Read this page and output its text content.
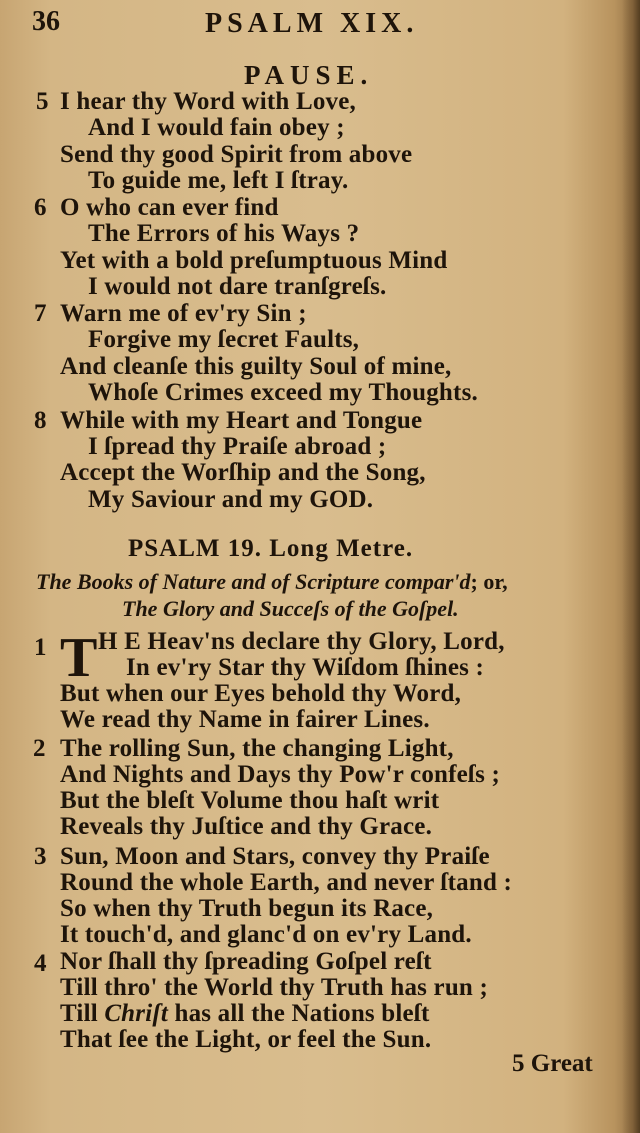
36	PSALM XIX.
PAUSE.
5 I hear thy Word with Love,
And I would fain obey ;
Send thy good Spirit from above
To guide me, left I ſtray.
6 O who can ever find
The Errors of his Ways ?
Yet with a bold preſumptuous Mind
I would not dare tranſgreſs.
7 Warn me of ev'ry Sin ;
Forgive my ſecret Faults,
And cleanſe this guilty Soul of mine,
Whoſe Crimes exceed my Thoughts.
8 While with my Heart and Tongue
I ſpread thy Praiſe abroad ;
Accept the Worſhip and the Song,
My Saviour and my GOD.
PSALM 19. Long Metre.
The Books of Nature and of Scripture compar'd; or,
The Glory and Succeſs of the Goſpel.
1 T H E Heav'ns declare thy Glory, Lord,
In ev'ry Star thy Wiſdom ſhines :
But when our Eyes behold thy Word,
We read thy Name in fairer Lines.
2 The rolling Sun, the changing Light,
And Nights and Days thy Pow'r confeſs ;
But the bleſt Volume thou haſt writ
Reveals thy Juſtice and thy Grace.
3 Sun, Moon and Stars, convey thy Praiſe
Round the whole Earth, and never ſtand :
So when thy Truth begun its Race,
It touch'd, and glanc'd on ev'ry Land.
4 Nor ſhall thy ſpreading Goſpel reſt
Till thro' the World thy Truth has run ;
Till Chriſt has all the Nations bleſt
That ſee the Light, or feel the Sun.
5 Great
